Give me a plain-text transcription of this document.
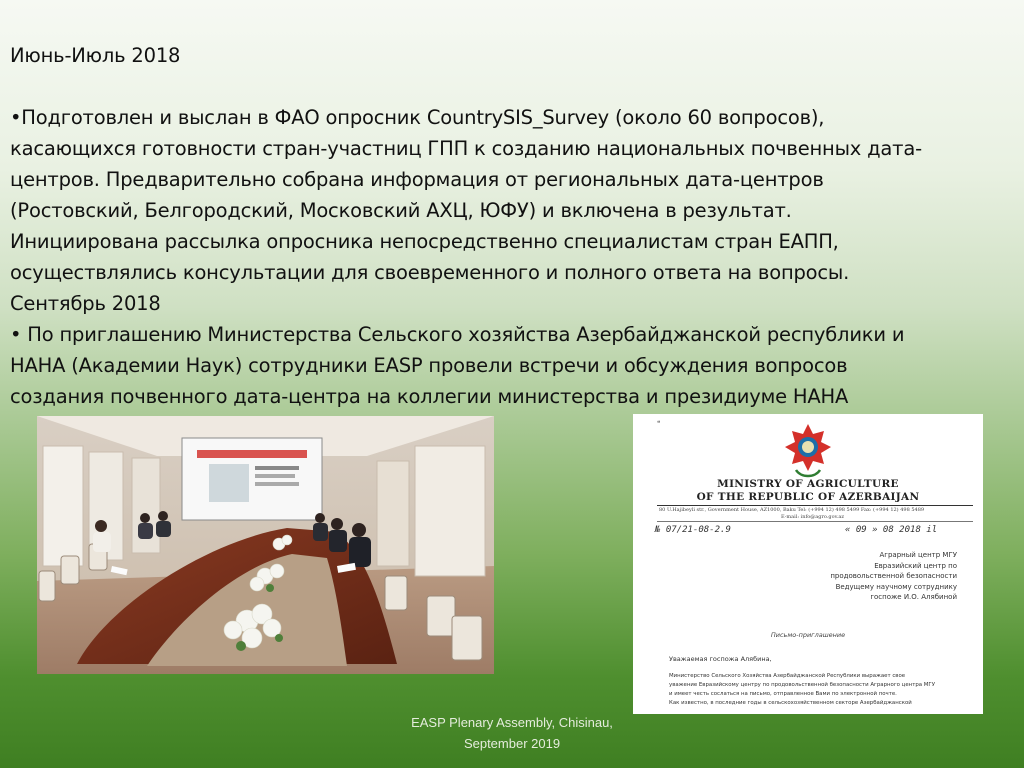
Июнь-Июль 2018

•Подготовлен и выслан в ФАО опросник CountrySIS_Survey (около 60 вопросов),

касающихся готовности стран-участниц ГПП к созданию национальных почвенных дата-

центров. Предварительно собрана информация от региональных дата-центров

(Ростовский, Белгородский, Московский АХЦ, ЮФУ) и включена в результат.

Инициирована рассылка опросника непосредственно специалистам стран ЕАПП,

осуществлялись консультации для своевременного и полного ответа на вопросы.

Сентябрь 2018

• По приглашению Министерства Сельского хозяйства Азербайджанской республики и

НАНА (Академии Наук) сотрудники EASP провели встречи и обсуждения вопросов

создания почвенного дата-центра на коллегии министерства и президиуме НАНА

❝
MINISTRY OF AGRICULTURE
OF THE REPUBLIC OF AZERBAIJAN
80 U.Hajibeyli str., Government House, AZ1000, Baku Tel: (+994 12) 498 5499 Fax: (+994 12) 498 5489
E-mail: info@agro.gov.az
№ 07/21-08-2.9	« 09 » 08 2018 il
Аграрный центр МГУ
Евразийский центр по
продовольственной безопасности
Ведущему научному сотруднику
госпоже И.О. Алябиной
Письмо-приглашение
Уважаемая госпожа Алябина,
Министерство Сельского Хозяйства Азербайджанской Республики выражает свое
уважение Евразийскому центру по продовольственной безопасности Аграрного центра МГУ
и имеет честь сослаться на письмо, отправленное Вами по электронной почте.
Как известно, в последние годы в сельскохозяйственном секторе Азербайджанской
EASP Plenary Assembly, Chisinau,
September 2019
